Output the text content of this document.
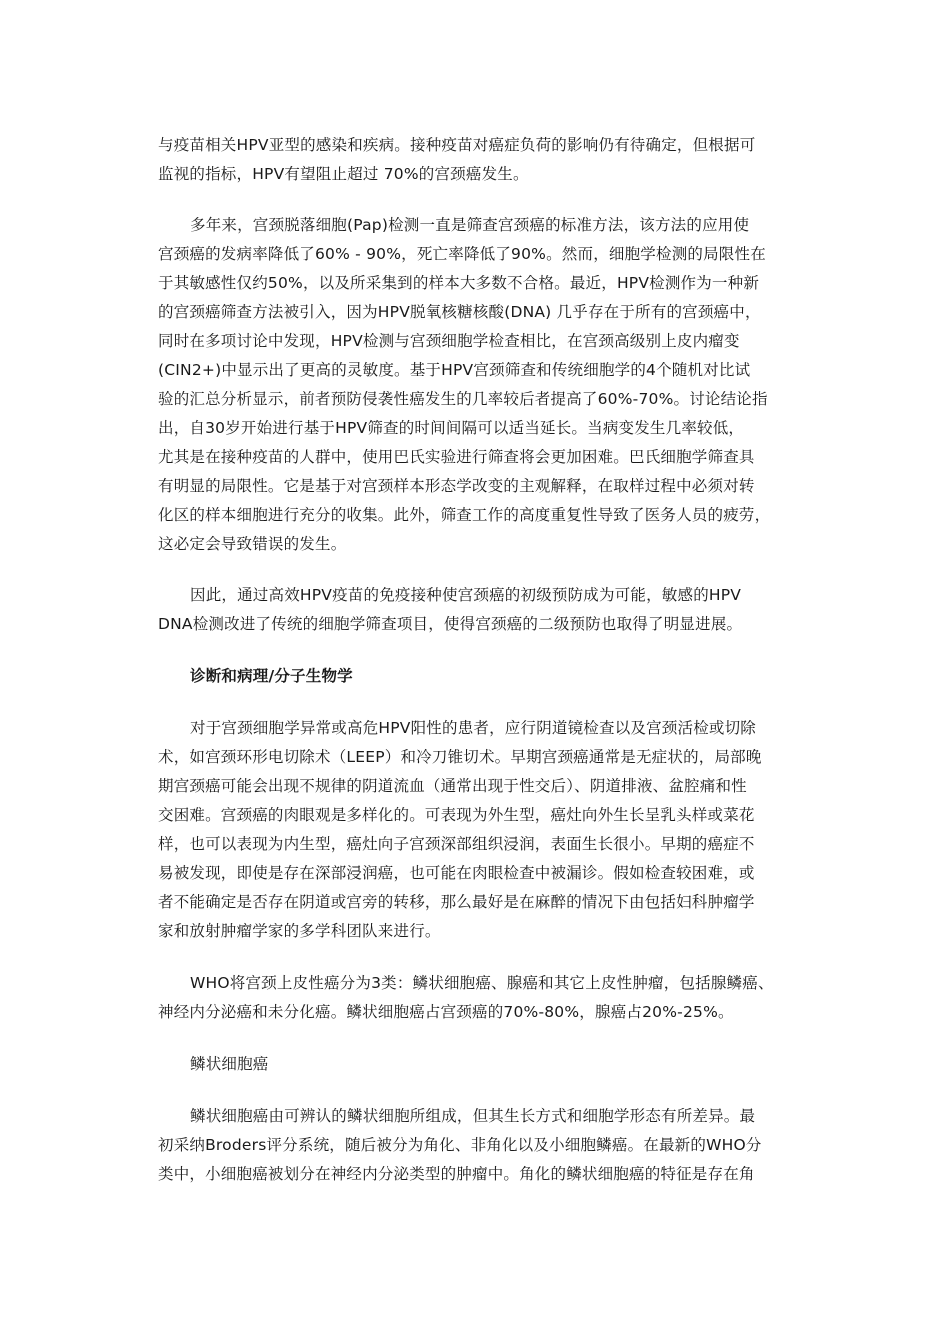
与疫苗相关HPV亚型的感染和疾病。接种疫苗对癌症负荷的影响仍有待确定，但根据可
监视的指标，HPV有望阻止超过 70%的宫颈癌发生。
多年来，宫颈脱落细胞(Pap)检测一直是筛查宫颈癌的标准方法，该方法的应用使
宫颈癌的发病率降低了60% - 90%，死亡率降低了90%。然而，细胞学检测的局限性在
于其敏感性仅约50%，以及所采集到的样本大多数不合格。最近，HPV检测作为一种新
的宫颈癌筛查方法被引入，因为HPV脱氧核糖核酸(DNA) 几乎存在于所有的宫颈癌中，
同时在多项讨论中发现，HPV检测与宫颈细胞学检查相比，在宫颈高级别上皮内瘤变
(CIN2+)中显示出了更高的灵敏度。基于HPV宫颈筛查和传统细胞学的4个随机对比试
验的汇总分析显示，前者预防侵袭性癌发生的几率较后者提高了60%-70%。讨论结论指
出，自30岁开始进行基于HPV筛查的时间间隔可以适当延长。当病变发生几率较低，
尤其是在接种疫苗的人群中，使用巴氏实验进行筛查将会更加困难。巴氏细胞学筛查具
有明显的局限性。它是基于对宫颈样本形态学改变的主观解释，在取样过程中必须对转
化区的样本细胞进行充分的收集。此外，筛查工作的高度重复性导致了医务人员的疲劳，
这必定会导致错误的发生。
因此，通过高效HPV疫苗的免疫接种使宫颈癌的初级预防成为可能，敏感的HPV
DNA检测改进了传统的细胞学筛查项目，使得宫颈癌的二级预防也取得了明显进展。
诊断和病理/分子生物学
对于宫颈细胞学异常或高危HPV阳性的患者，应行阴道镜检查以及宫颈活检或切除
术，如宫颈环形电切除术（LEEP）和冷刀锥切术。早期宫颈癌通常是无症状的，局部晚
期宫颈癌可能会出现不规律的阴道流血（通常出现于性交后）、阴道排液、盆腔痛和性
交困难。宫颈癌的肉眼观是多样化的。可表现为外生型，癌灶向外生长呈乳头样或菜花
样，也可以表现为内生型，癌灶向子宫颈深部组织浸润，表面生长很小。早期的癌症不
易被发现，即使是存在深部浸润癌，也可能在肉眼检查中被漏诊。假如检查较困难，或
者不能确定是否存在阴道或宫旁的转移，那么最好是在麻醉的情况下由包括妇科肿瘤学
家和放射肿瘤学家的多学科团队来进行。
WHO将宫颈上皮性癌分为3类：鳞状细胞癌、腺癌和其它上皮性肿瘤，包括腺鳞癌、
神经内分泌癌和未分化癌。鳞状细胞癌占宫颈癌的70%-80%，腺癌占20%-25%。
鳞状细胞癌
鳞状细胞癌由可辨认的鳞状细胞所组成，但其生长方式和细胞学形态有所差异。最
初采纳Broders评分系统，随后被分为角化、非角化以及小细胞鳞癌。在最新的WHO分
类中，小细胞癌被划分在神经内分泌类型的肿瘤中。角化的鳞状细胞癌的特征是存在角
